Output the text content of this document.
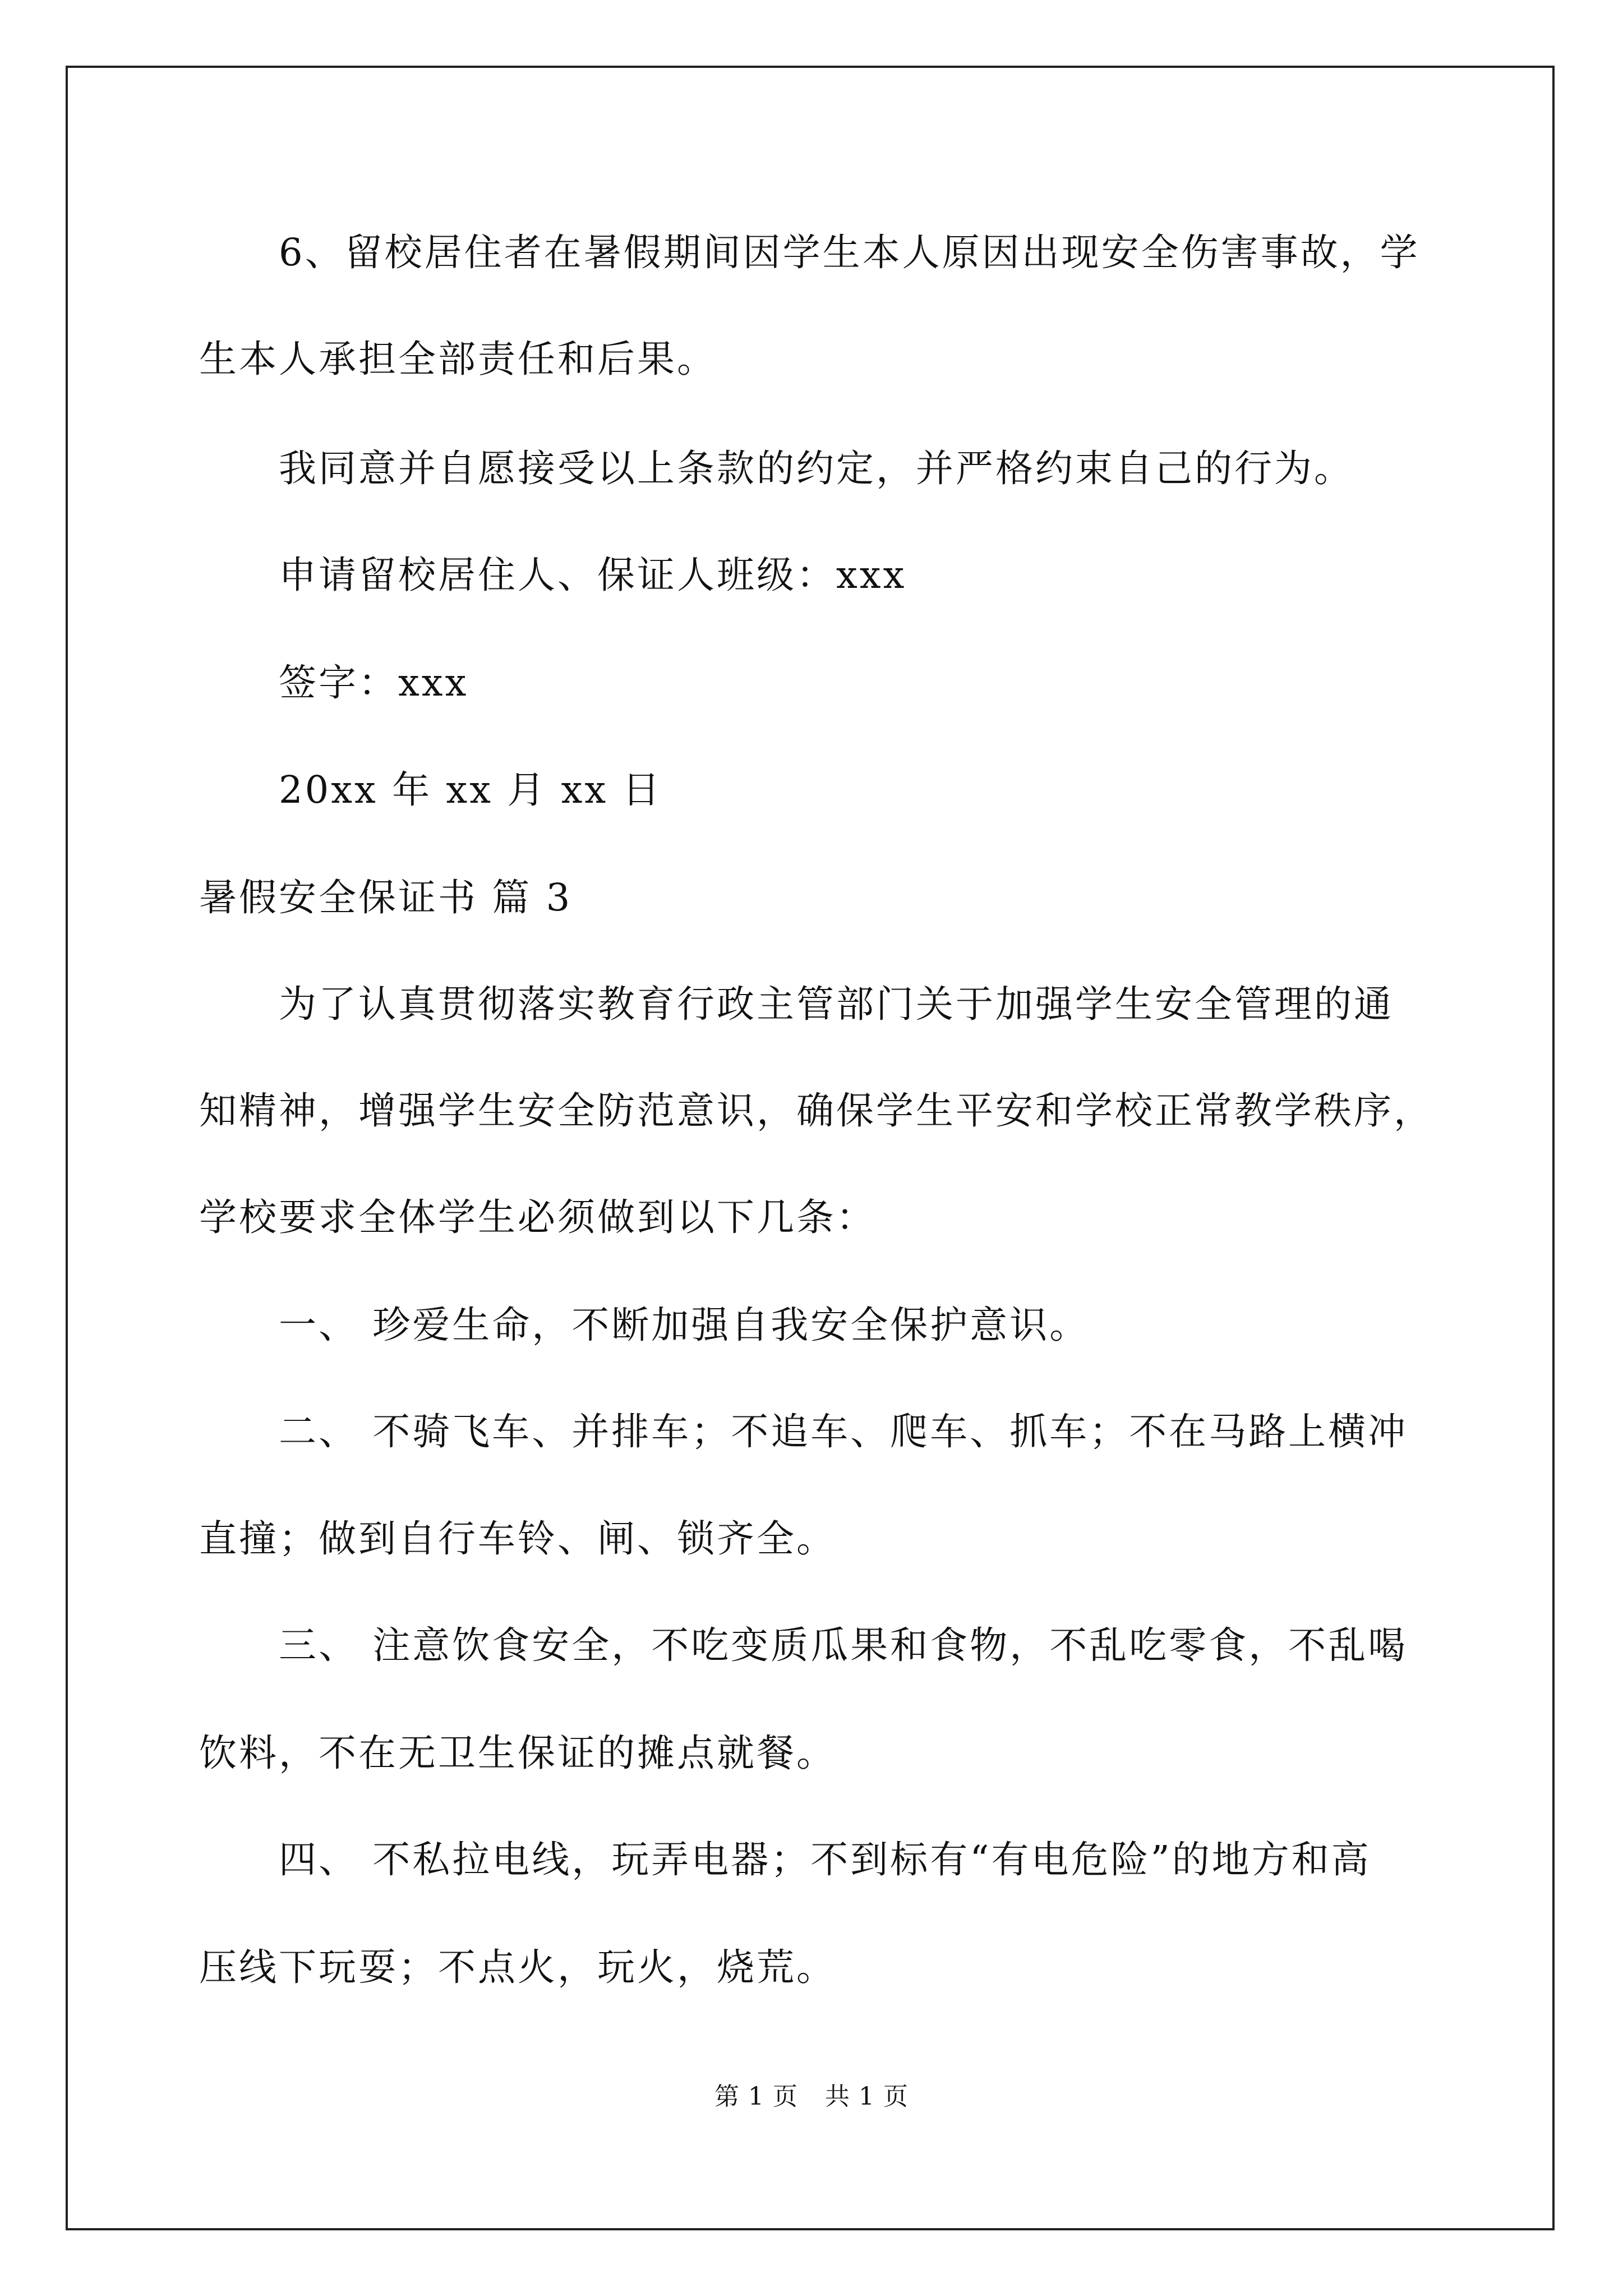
6、留校居住者在暑假期间因学生本人原因出现安全伤害事故，学
生本人承担全部责任和后果。
我同意并自愿接受以上条款的约定，并严格约束自己的行为。
申请留校居住人、保证人班级：xxx
签字：xxx
20xx 年 xx 月 xx 日
暑假安全保证书 篇 3
为了认真贯彻落实教育行政主管部门关于加强学生安全管理的通
知精神，增强学生安全防范意识，确保学生平安和学校正常教学秩序，
学校要求全体学生必须做到以下几条：
一、 珍爱生命，不断加强自我安全保护意识。
二、 不骑飞车、并排车；不追车、爬车、抓车；不在马路上横冲
直撞；做到自行车铃、闸、锁齐全。
三、 注意饮食安全，不吃变质瓜果和食物，不乱吃零食，不乱喝
饮料，不在无卫生保证的摊点就餐。
四、 不私拉电线，玩弄电器；不到标有“有电危险”的地方和高
压线下玩耍；不点火，玩火，烧荒。
第 1 页 共 1 页
